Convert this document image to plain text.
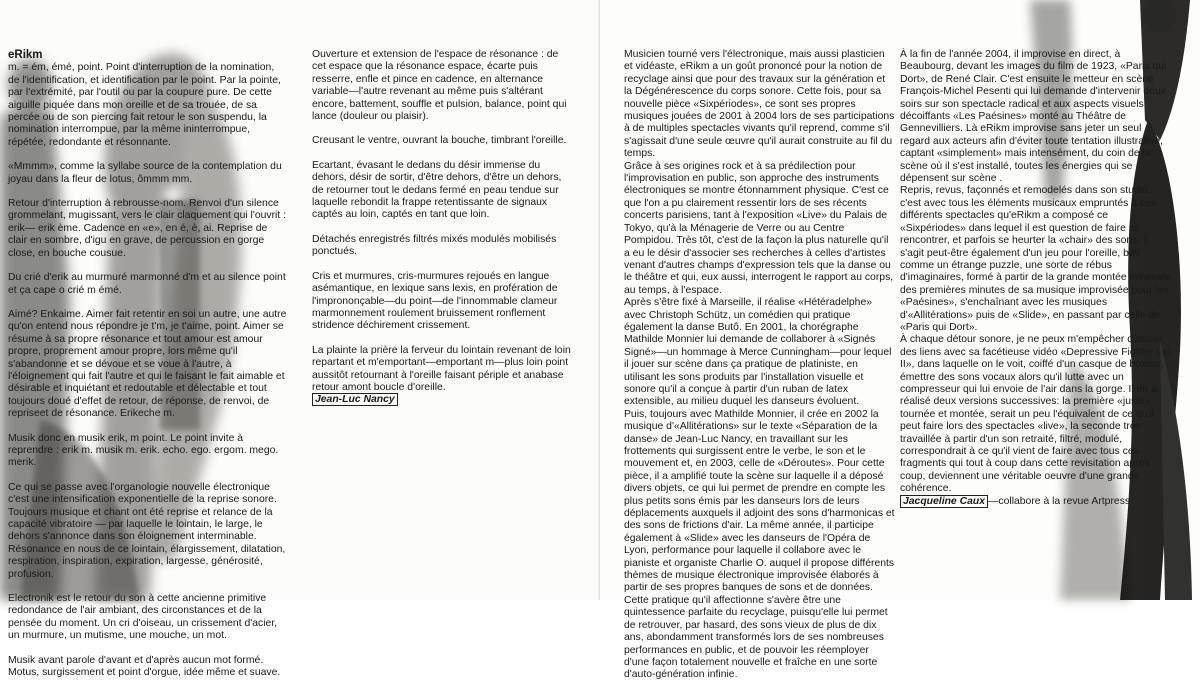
eRikm

m. = ém, émé, point. Point d'interruption de la nomination, de l'identification, et identification par le point. Par la pointe, par l'extrémité, par l'outil ou par la coupure pure. De cette aiguille piquée dans mon oreille et de sa trouée, de sa percée ou de son piercing fait retour le son suspendu, la nomination interrompue, par la même ininterrompue, répétée, redondante et résonnante.

«Mmmm», comme la syllabe source de la contemplation du joyau dans la fleur de lotus, ômmm mm.

Retour d'interruption à rebrousse-nom. Renvoi d'un silence grommelant, mugissant, vers le clair claquement qui l'ouvrit : erik— erik ème. Cadence en «e», en é, è, ai. Reprise de clair en sombre, d'igu en grave, de percussion en gorge close, en bouche cousue.

Du crié d'erik au murmuré marmonné d'm et au silence point et ça cape o crié m émé.

Aimé? Enkaime. Aimer fait retentir en soi un autre, une autre qu'on entend nous répondre je t'm, je t'aime, point. Aimer se résume à sa propre résonance et tout amour est amour propre, proprement amour propre, lors même qu'il s'abandonne et se dévoue et se voue à l'autre, à l'éloignement qui fait l'autre et qui le faisant le fait aimable et désirable et inquiétant et redoutable et délectable et tout toujours doué d'effet de retour, de réponse, de renvoi, de repriseet de résonance. Erikeche m.

Musik donc en musik erik, m point. Le point invite à reprendre : erik m. musik m. erik. echo. ego. ergom. mego. merik.

Ce qui se passe avec l'organologie nouvelle électronique c'est une intensification exponentielle de la reprise sonore. Toujours musique et chant ont été reprise et relance de la capacité vibratoire — par laquelle le lointain, le large, le dehors s'annonce dans son éloignement interminable. Résonance en nous de ce lointain, élargissement, dilatation, respiration, inspiration, expiration, largesse, générosité, profusion.

Electronik est le retour du son à cette ancienne primitive redondance de l'air ambiant, des circonstances et de la pensée du moment. Un cri d'oiseau, un crissement d'acier, un murmure, un mutisme, une mouche, un mot.

Musik avant parole d'avant et d'après aucun mot formé. Motus, surgissement et point d'orgue, idée même et suave.

Ouverture et extension de l'espace de résonance : de cet espace que la résonance espace, écarte puis resserre, enfle et pince en cadence, en alternance variable—l'autre revenant au même puis s'altérant encore, battement, souffle et pulsion, balance, point qui lance (douleur ou plaisir).

Creusant le ventre, ouvrant la bouche, timbrant l'oreille.

Ecartant, évasant le dedans du désir immense du dehors, désir de sortir, d'être dehors, d'être un dehors, de retourner tout le dedans fermé en peau tendue sur laquelle rebondit la frappe retentissante de signaux captés au loin, captés en tant que loin.

Détachés enregistrés filtrés mixés modulés mobilisés ponctués.

Cris et murmures, cris-murmures rejoués en langue asémantique, en lexique sans lexis, en profération de l'imprononçable—du point—de l'innommable clameur marmonnement roulement bruissement ronflement stridence déchirement crissement.

La plainte la prière la ferveur du lointain revenant de loin repartant et m'emportant—emportant m—plus loin point aussitôt retournant à l'oreille faisant périple et anabase retour amont boucle d'oreille.

Jean-Luc Nancy

Musicien tourné vers l'électronique, mais aussi plasticien et vidéaste, eRikm a un goût prononcé pour la notion de recyclage ainsi que pour des travaux sur la génération et la Dégénérescence du corps sonore. Cette fois, pour sa nouvelle pièce «Sixpériodes», ce sont ses propres musiques jouées de 2001 à 2004 lors de ses participations à de multiples spectacles vivants qu'il reprend, comme s'il s'agissait d'une seule œuvre qu'il aurait construite au fil du temps.

Grâce à ses origines rock et à sa prédilection pour l'improvisation en public, son approche des instruments électroniques se montre étonnamment physique. C'est ce que l'on a pu clairement ressentir lors de ses récents concerts parisiens, tant à l'exposition «Live» du Palais de Tokyo, qu'à la Ménagerie de Verre ou au Centre Pompidou. Très tôt, c'est de la façon la plus naturelle qu'il a eu le désir d'associer ses recherches à celles d'artistes venant d'autres champs d'expression tels que la danse ou le théâtre et qui, eux aussi, interrogent le rapport au corps, au temps, à l'espace.

Après s'être fixé à Marseille, il réalise «Hétéradelphe» avec Christoph Schütz, un comédien qui pratique également la danse Butô. En 2001, la chorégraphe Mathilde Monnier lui demande de collaborer à «Signés Signé»—un hommage à Merce Cunningham—pour lequel il jouer sur scène dans ça pratique de platiniste, en utilisant les sons produits par l'installation visuelle et sonore qu'il a conçue à partir d'un ruban de latex extensible, au milieu duquel les danseurs évoluent.

Puis, toujours avec Mathilde Monnier, il crée en 2002 la musique d'«Allitérations» sur le texte «Séparation de la danse» de Jean-Luc Nancy, en travaillant sur les frottements qui surgissent entre le verbe, le son et le mouvement et, en 2003, celle de «Déroutes». Pour cette pièce, il a amplifié toute la scène sur laquelle il a déposé divers objets, ce qui lui permet de prendre en compte les plus petits sons émis par les danseurs lors de leurs déplacements auxquels il adjoint des sons d'harmonicas et des sons de frictions d'air. La même année, il participe également à «Slide» avec les danseurs de l'Opéra de Lyon, performance pour laquelle il collabore avec le pianiste et organiste Charlie O. auquel il propose différents thèmes de musique électronique improvisée élaborés à partir de ses propres banques de sons et de données. Cette pratique qu'il affectionne s'avère être une quintessence parfaite du recyclage, puisqu'elle lui permet de retrouver, par hasard, des sons vieux de plus de dix ans, abondamment transformés lors de ses nombreuses performances en public, et de pouvoir les réemployer d'une façon totalement nouvelle et fraîche en une sorte d'auto-génération infinie.

À la fin de l'année 2004, il improvise en direct, à Beaubourg, devant les images du film de 1923, «Paris qui Dort», de René Clair. C'est ensuite le metteur en scène François-Michel Pesenti qui lui demande d'intervenir deux soirs sur son spectacle radical et aux aspects visuels décoiffants «Les Paésines» monté au Théâtre de Gennevilliers. Là eRikm improvise sans jeter un seul regard aux acteurs afin d'éviter toute tentation illustrative, captant «simplement» mais intensément, du coin de la scène où il s'est installé, toutes les énergies qui se dépensent sur scène .

Repris, revus, façonnés et remodelés dans son studio, c'est avec tous les éléments musicaux empruntés à ces différents spectacles qu'eRikm a composé ce «Sixpériodes» dans lequel il est question de faire se rencontrer, et parfois se heurter la «chair» des sons. Il s'agit peut-être également d'un jeu pour l'oreille, bâti comme un étrange puzzle, une sorte de rébus d'imaginaires, formé à partir de la grande montée minimale des premières minutes de sa musique improvisée pour les «Paésines», s'enchaînant avec les musiques d'«Allitérations» puis de «Slide», en passant par celle de «Paris qui Dort».

À chaque détour sonore, je ne peux m'empêcher d'établir des liens avec sa facétieuse vidéo «Depressive Fighter I et II», dans laquelle on le voit, coiffé d'un casque de boxeur, émettre des sons vocaux alors qu'il lutte avec un compresseur qui lui envoie de l'air dans la gorge. Il en a réalisé deux versions successives: la première «juste» tournée et montée, serait un peu l'équivalent de ce qu'il peut faire lors des spectacles «live», la seconde très travaillée à partir d'un son retraité, filtré, modulé, correspondrait à ce qu'il vient de faire avec tous ces fragments qui tout à coup dans cette revisitation après coup, deviennent une véritable oeuvre d'une grande cohérence.

Jacqueline Caux —collabore à la revue Artpress
